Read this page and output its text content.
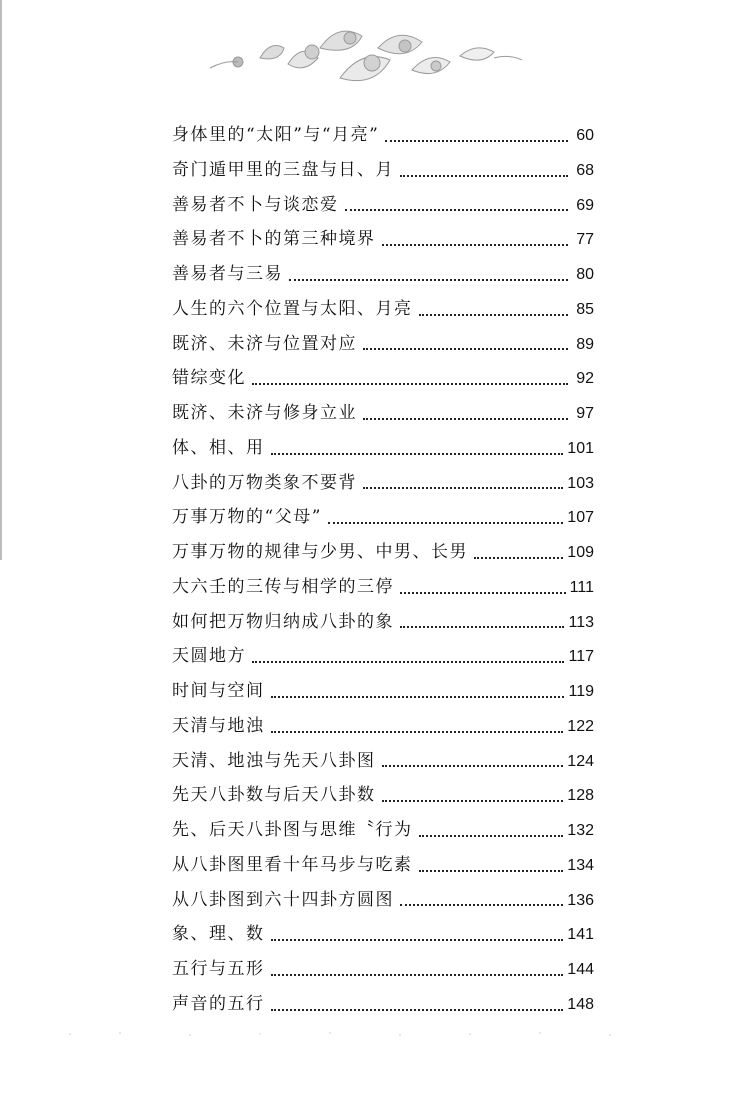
身体里的“太阳”与“月亮”	60
奇门遁甲里的三盘与日、月	68
善易者不卜与谈恋爱	69
善易者不卜的第三种境界	77
善易者与三易	80
人生的六个位置与太阳、月亮	85
既济、未济与位置对应	89
错综变化	92
既济、未济与修身立业	97
体、相、用	101
八卦的万物类象不要背	103
万事万物的“父母”	107
万事万物的规律与少男、中男、长男	109
大六壬的三传与相学的三停	111
如何把万物归纳成八卦的象	113
天圆地方	117
时间与空间	119
天清与地浊	122
天清、地浊与先天八卦图	124
先天八卦数与后天八卦数	128
先、后天八卦图与思维〝行为	132
从八卦图里看十年马步与吃素	134
从八卦图到六十四卦方圆图	136
象、理、数	141
五行与五形	144
声音的五行	148
